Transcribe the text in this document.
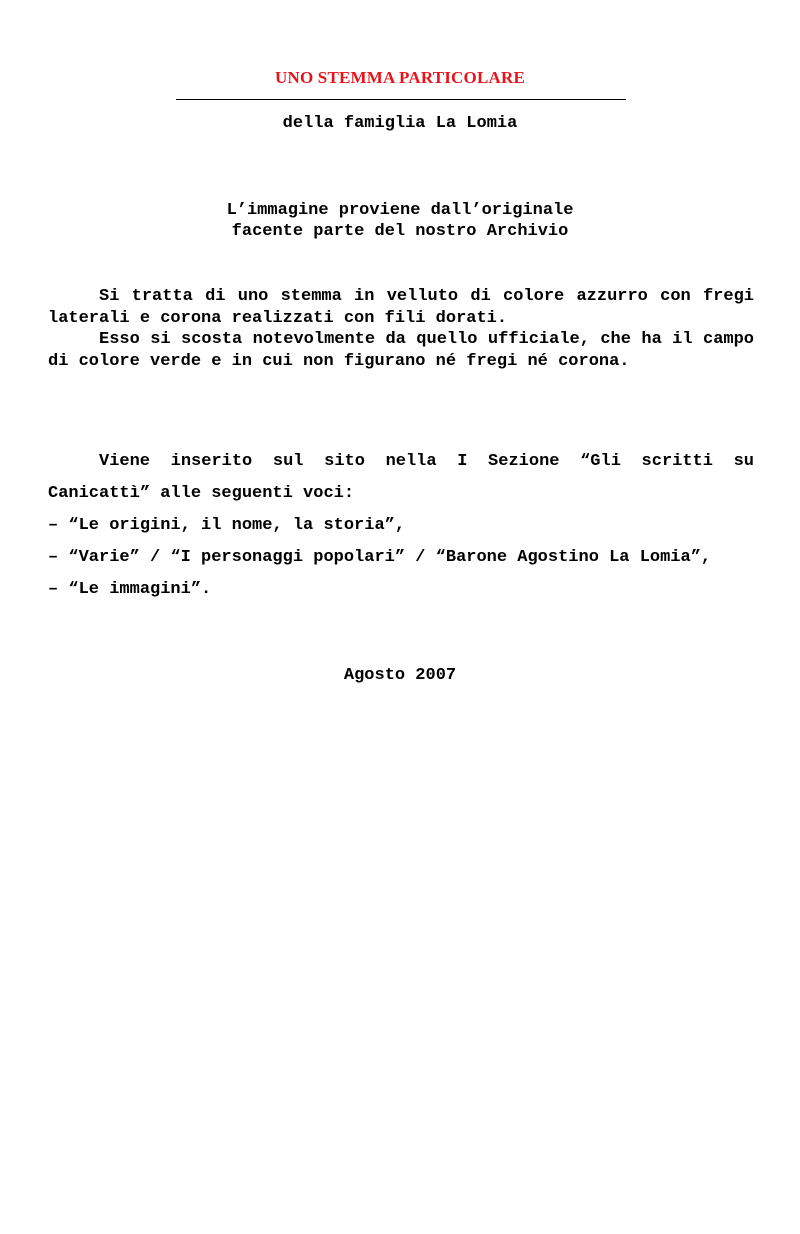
UNO STEMMA PARTICOLARE
della famiglia La Lomia
L’immagine proviene dall’originale
facente parte del nostro Archivio

Si tratta di uno stemma in velluto di colore azzurro con fregi laterali e corona realizzati con fili dorati.

Esso si scosta notevolmente da quello ufficiale, che ha il campo di colore verde e in cui non figurano né fregi né corona.

Viene inserito sul sito nella I Sezione “Gli scritti su Canicattì” alle seguenti voci:

– “Le origini, il nome, la storia”,
– “Varie” / “I personaggi popolari” / “Barone Agostino La Lomia”,
– “Le immagini”.
Agosto 2007
